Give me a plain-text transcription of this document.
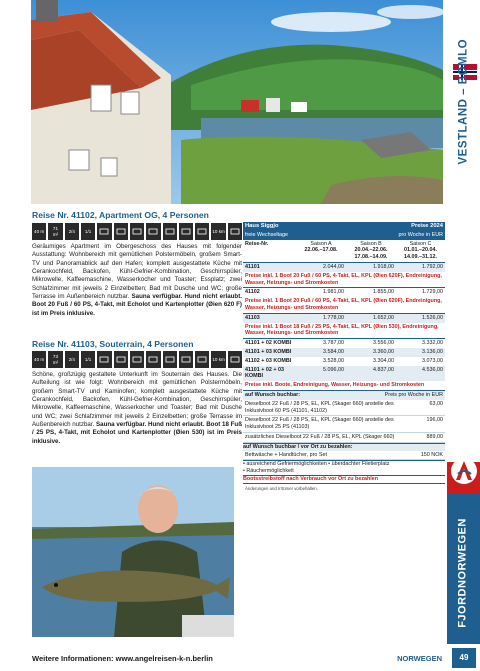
VESTLAND – BØMLO
FJORDNORWEGEN
Reise Nr. 41102, Apartment OG, 4 Personen
40 m
71
m²
2/4 1/1	10 km
Geräumiges Apartment im Obergeschoss des Hauses mit folgender Ausstattung: Wohnbereich mit gemütlichen Polstermöbeln, großem Smart-TV und Panoramablick auf den Hafen; komplett ausgestattete Küche mit Cerankochfeld, Backofen, Kühl-Gefrier-Kombination, Geschirrspüler, Mikrowelle, Kaffeemaschine, Wasserkocher und Toaster; Essplatz; zwei Schlafzimmer mit jeweils 2 Einzelbetten; Bad mit Dusche und WC; große Terrasse im Außenbereich nutzbar. Sauna verfügbar. Hund nicht erlaubt. Boot 20 Fuß / 60 PS, 4-Takt, mit Echolot und Kartenplotter (Øien 620 F) ist im Preis inklusive.
Reise Nr. 41103, Souterrain, 4 Personen
40 m
73
m²
2/4 1/1	10 km
Schöne, großzügig gestaltete Unterkunft im Souterrain des Hauses. Die Aufteilung ist wie folgt: Wohnbereich mit gemütlichen Polstermöbeln, großem Smart-TV und Kaminofen; komplett ausgestattete Küche mit Cerankochfeld, Backofen, Kühl-Gefrier-Kombination, Geschirrspüler, Mikrowelle, Kaffeemaschine, Wasserkocher und Toaster; Bad mit Dusche und WC; zwei Schlafzimmer mit jeweils 2 Einzelbetten; große Terrasse im Außenbereich nutzbar. Sauna verfügbar. Hund nicht erlaubt. Boot 18 Fuß / 25 PS, 4-Takt, mit Echolot und Kartenplotter (Øien 530) ist im Preis inklusive.
Haus Siggjo	Preise 2024
freie Wechseltage	pro Woche in EUR
Reise-Nr.	Saison A
22.06.–17.08.
Saison B
20.04.–22.06. 17.08.–14.09.
Saison C
01.01.–20.04. 14.09.–31.12.
41101	2.044,00	1.918,00	1.792,00
Preise inkl. 1 Boot 20 Fuß / 60 PS, 4-Takt, EL, KPL (Øien 620F), Endreinigung, Wasser, Heizungs- und Stromkosten
41102	1.981,00	1.855,00	1.729,00
Preise inkl. 1 Boot 20 Fuß / 60 PS, 4-Takt, EL, KPL (Øien 620F), Endreinigung, Wasser, Heizungs- und Stromkosten
41103	1.778,00	1.652,00	1.526,00
Preise inkl. 1 Boot 18 Fuß / 25 PS, 4-Takt, EL, KPL (Øien 530), Endreinigung, Wasser, Heizungs- und Stromkosten
41101 + 02 KOMBI	3.787,00	3.556,00	3.332,00
41101 + 03 KOMBI	3.584,00	3.360,00	3.136,00
41102 + 03 KOMBI	3.528,00	3.304,00	3.073,00
41101 + 02 + 03 KOMBI
5.096,00	4.837,00	4.536,00
Preise inkl. Boote, Endreinigung, Wasser, Heizungs- und Stromkosten
auf Wunsch buchbar:	Preis pro Woche in EUR
Dieselboot 22 Fuß / 28 PS, EL, KPL (Skager 660) anstelle des Inklusivboot 60 PS (41101, 41102)
63,00
Dieselboot 22 Fuß / 28 PS, EL, KPL (Skager 660) anstelle des Inklusivboot 25 PS (41103)
196,00
zusätzliches Dieselboot 22 Fuß / 28 PS, EL, KPL (Skager 660)	889,00
auf Wunsch buchbar / vor Ort zu bezahlen:
Bettwäsche + Handtücher, pro Set	150 NOK
• ausreichend Gefriermöglichkeiten • überdachter Filetierplatz
• Räuchermöglichkeit
Bootsstreibstoff nach Verbrauch vor Ort zu bezahlen
Änderungen und Irrtümer vorbehalten.
Weitere Informationen: www.angelreisen-k-n.berlin	NORWEGEN	49
